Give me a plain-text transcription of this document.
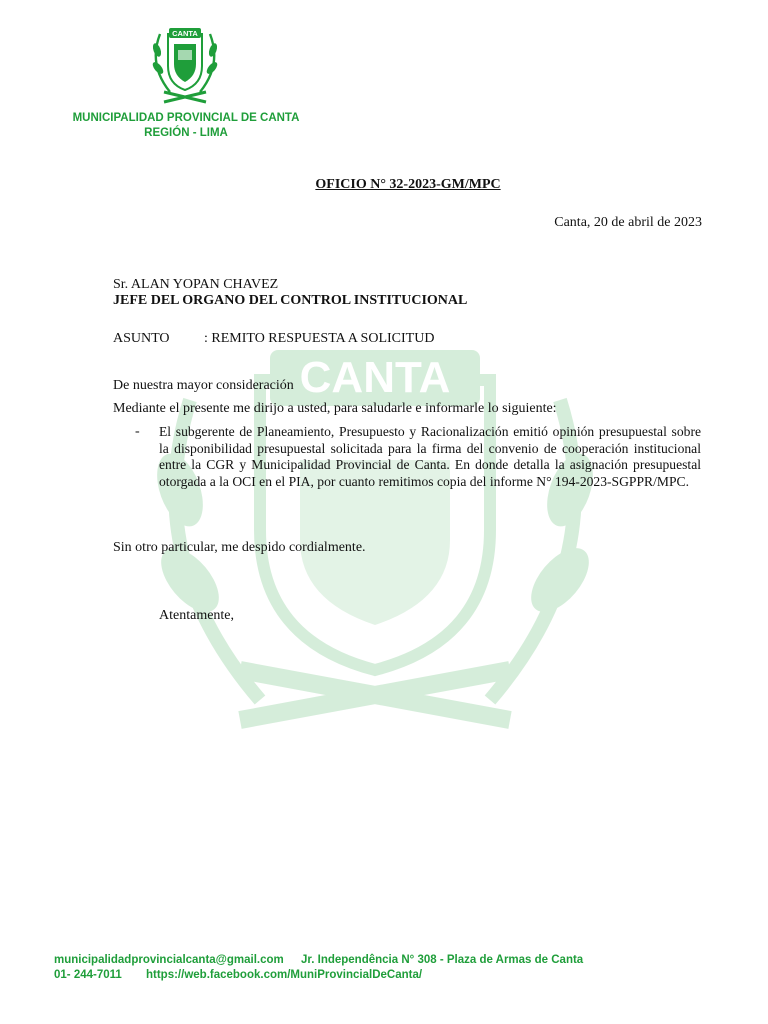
CANTA
CANTA
MUNICIPALIDAD PROVINCIAL DE CANTA
REGIÓN - LIMA
OFICIO N° 32-2023-GM/MPC
Canta, 20 de abril de 2023
Sr. ALAN YOPAN CHAVEZ
JEFE DEL ORGANO DEL CONTROL INSTITUCIONAL
ASUNTO : REMITO RESPUESTA A SOLICITUD
De nuestra mayor consideración
Mediante el presente me dirijo a usted, para saludarle e informarle lo siguiente:
- El subgerente de Planeamiento, Presupuesto y Racionalización emitió opinión presupuestal sobre la disponibilidad presupuestal solicitada para la firma del convenio de cooperación institucional entre la CGR y Municipalidad Provincial de Canta. En donde detalla la asignación presupuestal otorgada a la OCI en el PIA, por cuanto remitimos copia del informe N° 194-2023-SGPPR/MPC.
Sin otro particular, me despido cordialmente.
Atentamente,
municipalidadprovincialcanta@gmail.com Jr. Independência N° 308 - Plaza de Armas de Canta
01- 244-7011 https://web.facebook.com/MuniProvincialDeCanta/
